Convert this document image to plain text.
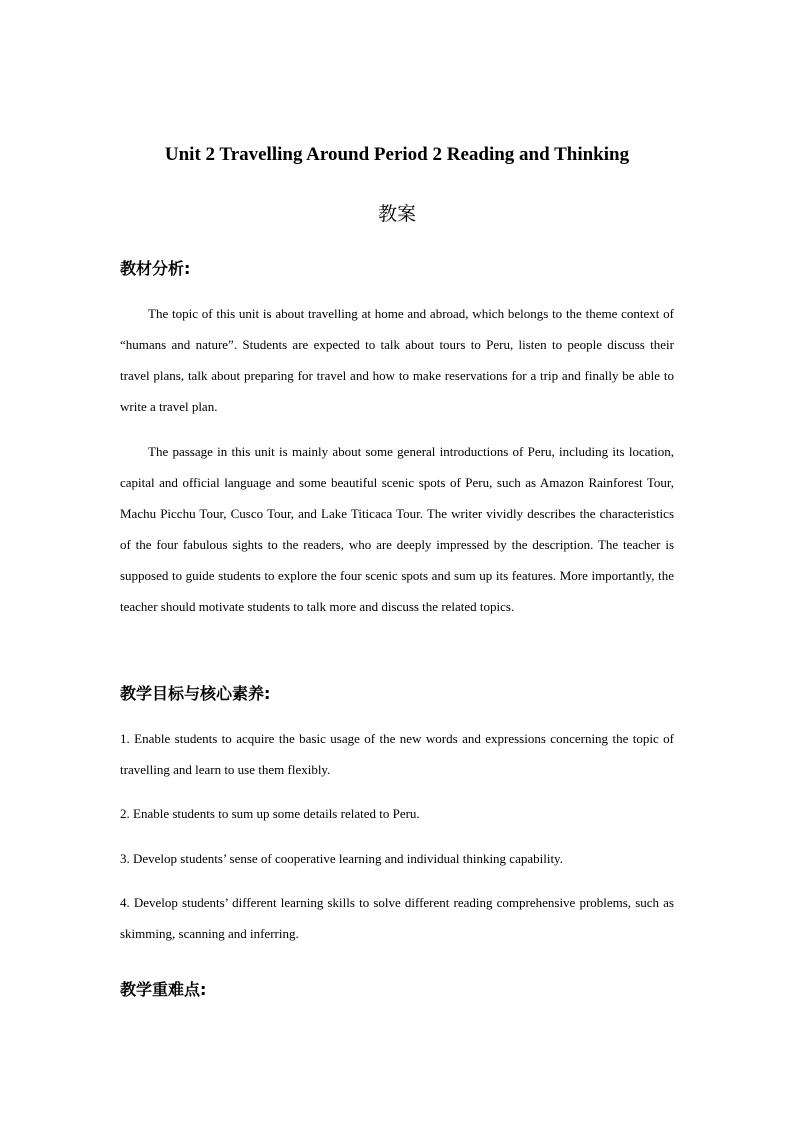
Unit 2 Travelling Around Period 2 Reading and Thinking
教案
教材分析:
The topic of this unit is about travelling at home and abroad, which belongs to the theme context of “humans and nature”. Students are expected to talk about tours to Peru, listen to people discuss their travel plans, talk about preparing for travel and how to make reservations for a trip and finally be able to write a travel plan.
The passage in this unit is mainly about some general introductions of Peru, including its location, capital and official language and some beautiful scenic spots of Peru, such as Amazon Rainforest Tour, Machu Picchu Tour, Cusco Tour, and Lake Titicaca Tour. The writer vividly describes the characteristics of the four fabulous sights to the readers, who are deeply impressed by the description. The teacher is supposed to guide students to explore the four scenic spots and sum up its features. More importantly, the teacher should motivate students to talk more and discuss the related topics.
教学目标与核心素养:
1. Enable students to acquire the basic usage of the new words and expressions concerning the topic of travelling and learn to use them flexibly.
2. Enable students to sum up some details related to Peru.
3. Develop students’ sense of cooperative learning and individual thinking capability.
4. Develop students’ different learning skills to solve different reading comprehensive problems, such as skimming, scanning and inferring.
教学重难点:
